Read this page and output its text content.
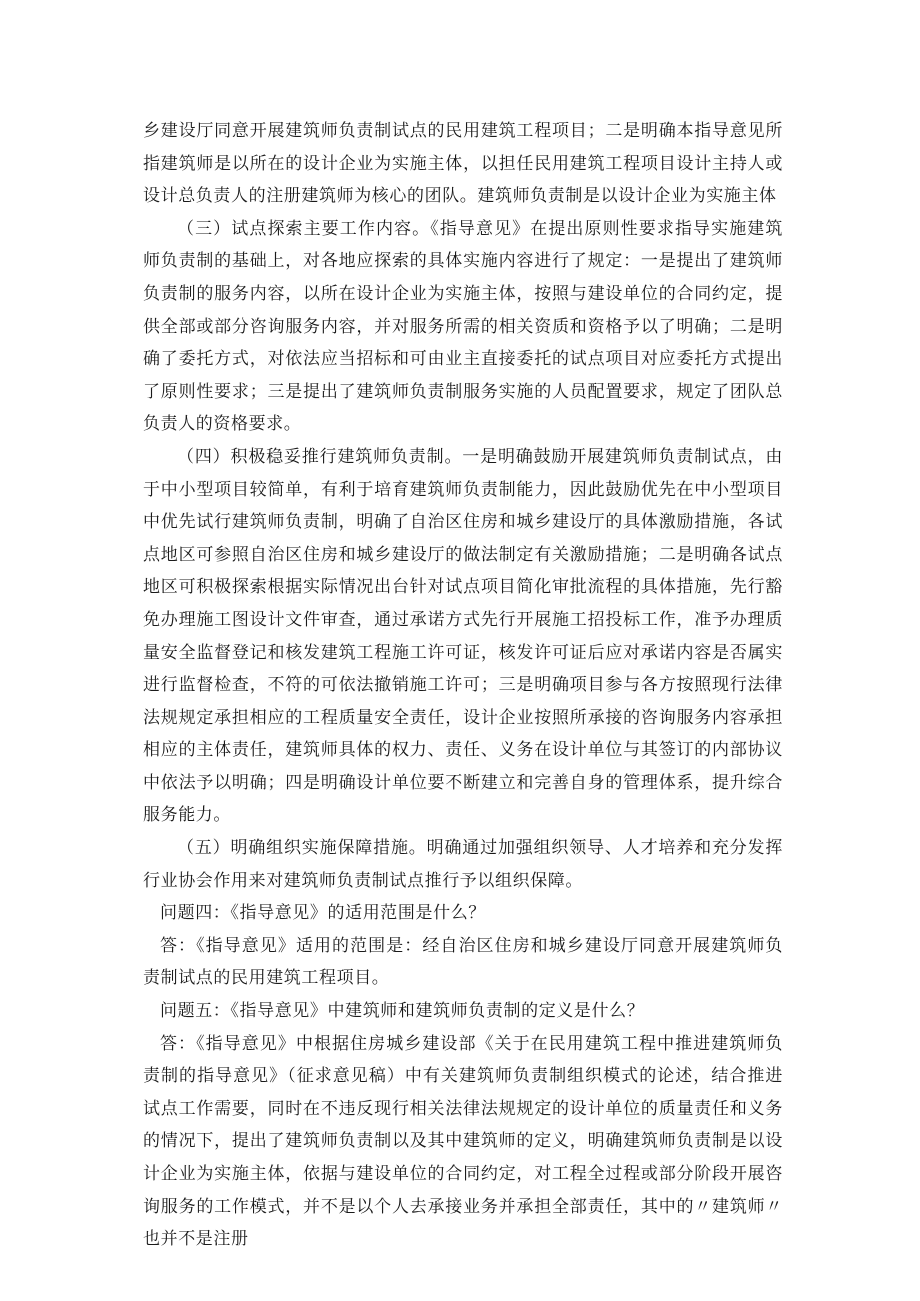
乡建设厅同意开展建筑师负责制试点的民用建筑工程项目；二是明确本指导意见所指建筑师是以所在的设计企业为实施主体，以担任民用建筑工程项目设计主持人或设计总负责人的注册建筑师为核心的团队。建筑师负责制是以设计企业为实施主体

（三）试点探索主要工作内容。《指导意见》在提出原则性要求指导实施建筑师负责制的基础上，对各地应探索的具体实施内容进行了规定：一是提出了建筑师负责制的服务内容，以所在设计企业为实施主体，按照与建设单位的合同约定，提供全部或部分咨询服务内容，并对服务所需的相关资质和资格予以了明确；二是明确了委托方式，对依法应当招标和可由业主直接委托的试点项目对应委托方式提出了原则性要求；三是提出了建筑师负责制服务实施的人员配置要求，规定了团队总负责人的资格要求。

（四）积极稳妥推行建筑师负责制。一是明确鼓励开展建筑师负责制试点，由于中小型项目较简单，有利于培育建筑师负责制能力，因此鼓励优先在中小型项目中优先试行建筑师负责制，明确了自治区住房和城乡建设厅的具体激励措施，各试点地区可参照自治区住房和城乡建设厅的做法制定有关激励措施；二是明确各试点地区可积极探索根据实际情况出台针对试点项目简化审批流程的具体措施，先行豁免办理施工图设计文件审查，通过承诺方式先行开展施工招投标工作，准予办理质量安全监督登记和核发建筑工程施工许可证，核发许可证后应对承诺内容是否属实进行监督检查，不符的可依法撤销施工许可；三是明确项目参与各方按照现行法律法规规定承担相应的工程质量安全责任，设计企业按照所承接的咨询服务内容承担相应的主体责任，建筑师具体的权力、责任、义务在设计单位与其签订的内部协议中依法予以明确；四是明确设计单位要不断建立和完善自身的管理体系，提升综合服务能力。

（五）明确组织实施保障措施。明确通过加强组织领导、人才培养和充分发挥行业协会作用来对建筑师负责制试点推行予以组织保障。

问题四：《指导意见》的适用范围是什么？

答：《指导意见》适用的范围是：经自治区住房和城乡建设厅同意开展建筑师负责制试点的民用建筑工程项目。

问题五：《指导意见》中建筑师和建筑师负责制的定义是什么？

答：《指导意见》中根据住房城乡建设部《关于在民用建筑工程中推进建筑师负责制的指导意见》（征求意见稿）中有关建筑师负责制组织模式的论述，结合推进试点工作需要，同时在不违反现行相关法律法规规定的设计单位的质量责任和义务的情况下，提出了建筑师负责制以及其中建筑师的定义，明确建筑师负责制是以设计企业为实施主体，依据与建设单位的合同约定，对工程全过程或部分阶段开展咨询服务的工作模式，并不是以个人去承接业务并承担全部责任，其中的〃建筑师〃也并不是注册
